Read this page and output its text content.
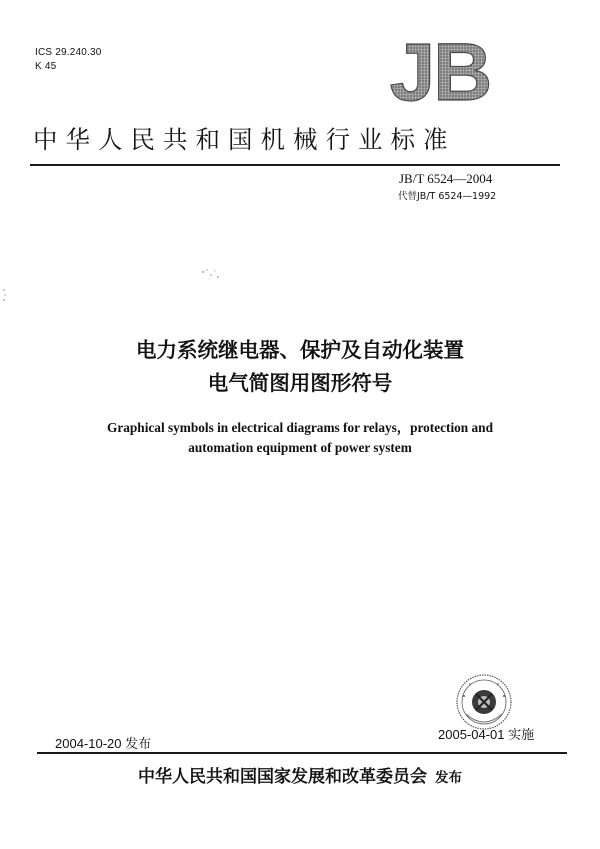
ICS 29.240.30
K 45	JB
中华人民共和国机械行业标准
JB/T 6524—2004
代替JB/T 6524—1992
电力系统继电器、保护及自动化装置
电气简图用图形符号
Graphical symbols in electrical diagrams for relays，protection and
automation equipment of power system
2004-10-20 发布
2005-04-01 实施
中华人民共和国国家发展和改革委员会 发布
